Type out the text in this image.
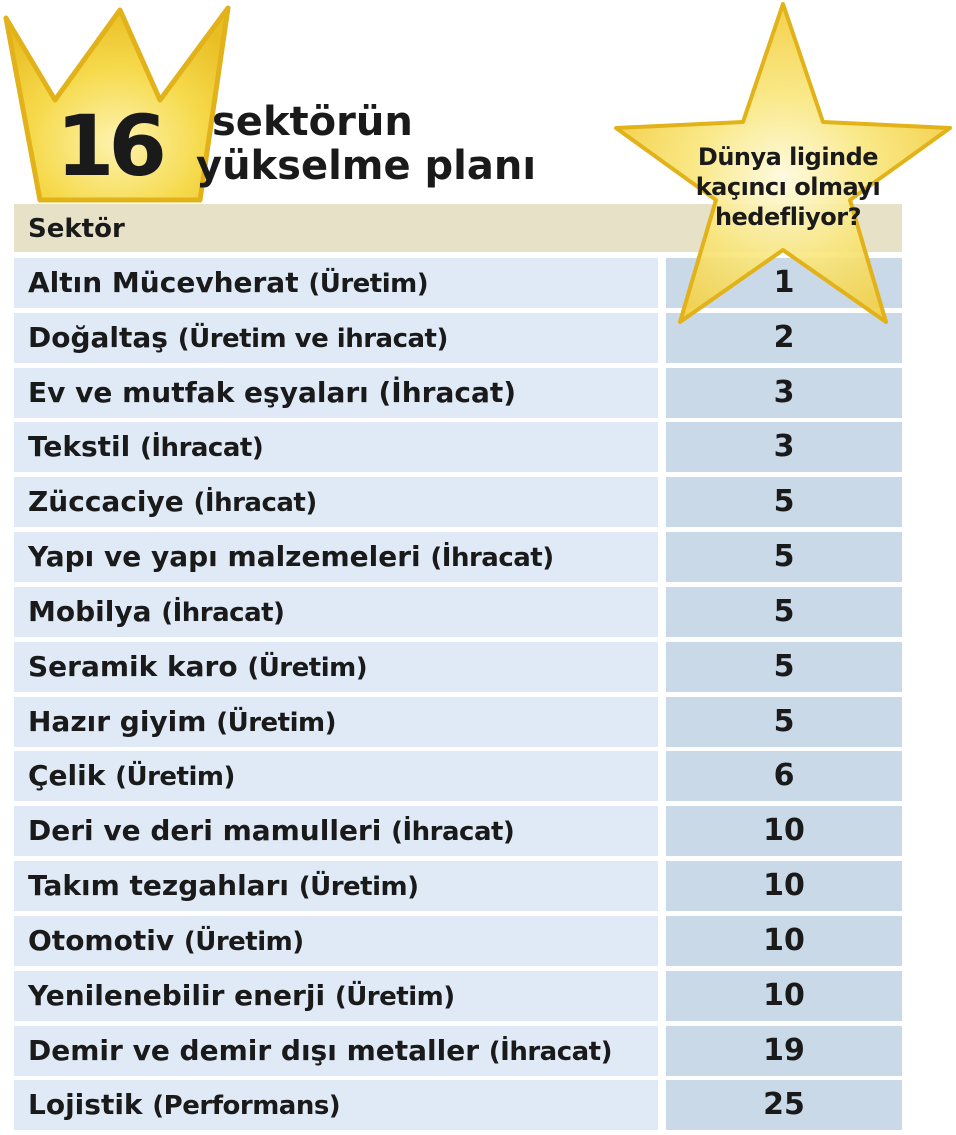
16	sektörün
yükselme planı
Sektör
Altın Mücevherat (Üretim)	1
Doğaltaş (Üretim ve ihracat)	2
Ev ve mutfak eşyaları (İhracat)	3
Tekstil (İhracat)	3
Züccaciye (İhracat)	5
Yapı ve yapı malzemeleri (İhracat)	5
Mobilya (İhracat)	5
Seramik karo (Üretim)	5
Hazır giyim (Üretim)	5
Çelik (Üretim)	6
Deri ve deri mamulleri (İhracat)	10
Takım tezgahları (Üretim)	10
Otomotiv (Üretim)	10
Yenilenebilir enerji (Üretim)	10
Demir ve demir dışı metaller (İhracat)	19
Lojistik (Performans)	25
Dünya liginde
kaçıncı olmayı
hedefliyor?
